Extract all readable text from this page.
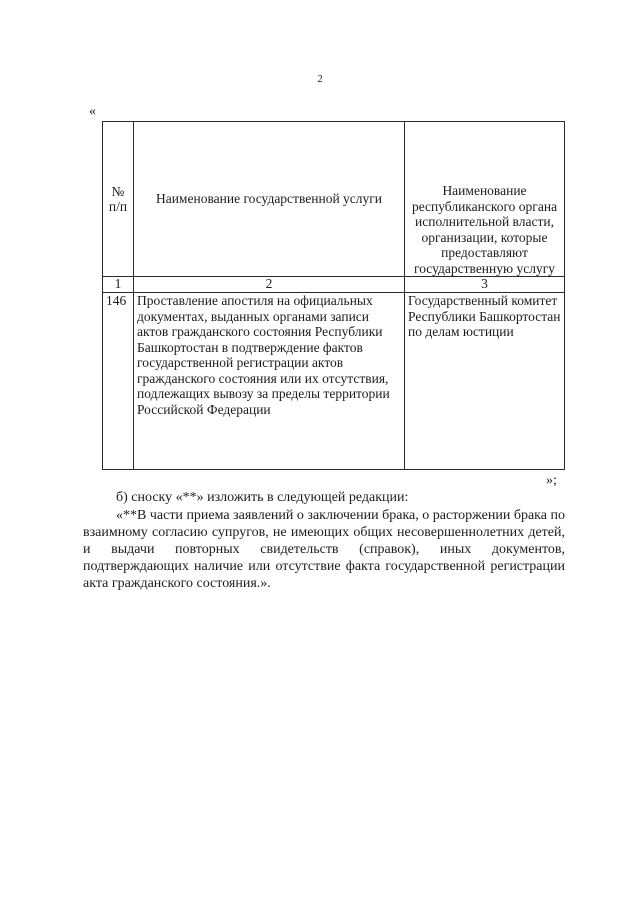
2
«
№ п/п	Наименование государственной услуги	Наименование республиканского органа исполнительной власти, организации, которые предоставляют государственную услугу
1	2	3
146	Проставление апостиля на официальных документах, выданных органами записи актов гражданского состояния Республики Башкортостан в подтверждение фактов государственной регистрации актов гражданского состояния или их отсутствия, подлежащих вывозу за пределы территории Российской Федерации	Государственный комитет Республики Башкортостан по делам юстиции
»;

б) сноску «**» изложить в следующей редакции:

«**В части приема заявлений о заключении брака, о расторжении брака по взаимному согласию супругов, не имеющих общих несовершеннолетних детей, и выдачи повторных свидетельств (справок), иных документов, подтверждающих наличие или отсутствие факта государственной регистрации акта гражданского состояния.».
